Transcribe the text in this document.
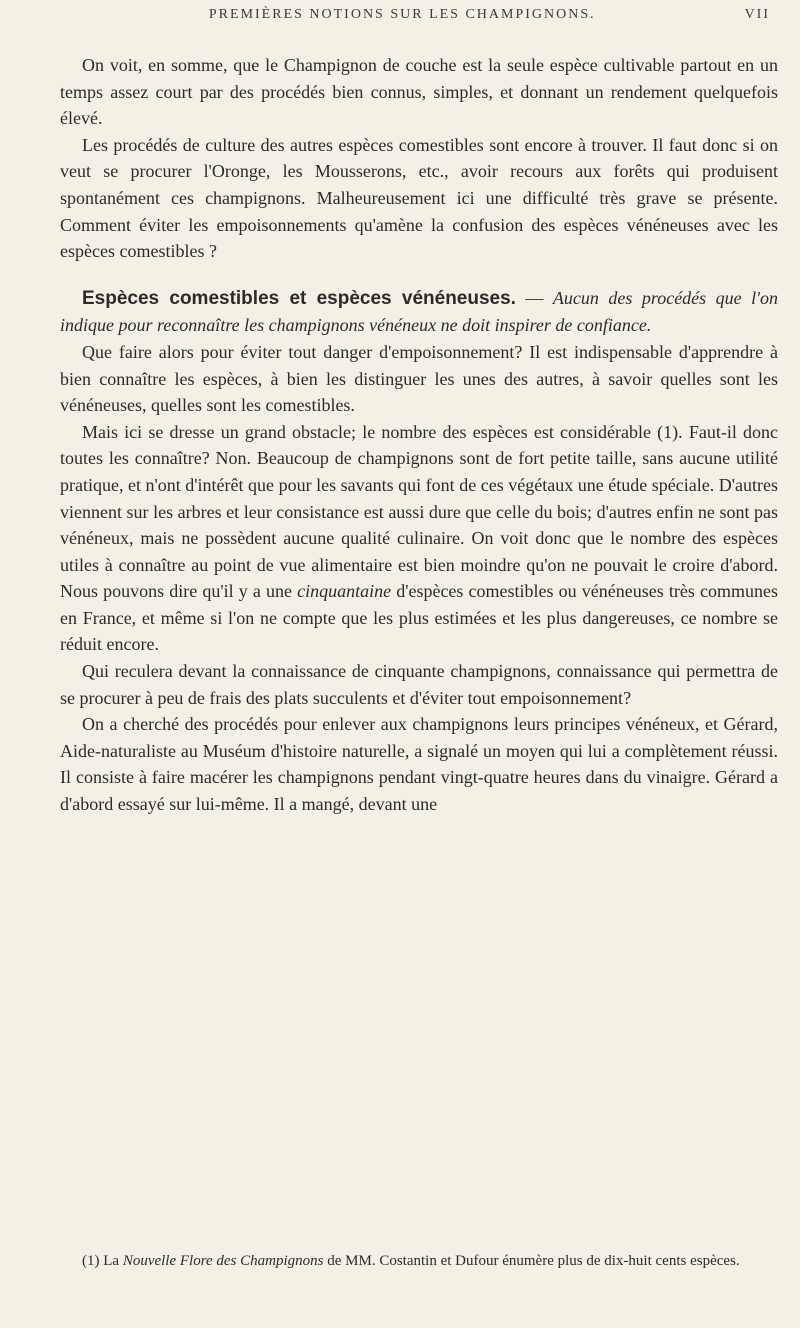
PREMIÈRES NOTIONS SUR LES CHAMPIGNONS.	VII

On voit, en somme, que le Champignon de couche est la seule espèce cultivable partout en un temps assez court par des procédés bien connus, simples, et donnant un rendement quelquefois élevé.

Les procédés de culture des autres espèces comestibles sont encore à trouver. Il faut donc si on veut se procurer l'Oronge, les Mousserons, etc., avoir recours aux forêts qui produisent spontanément ces champignons. Malheureusement ici une difficulté très grave se présente. Comment éviter les empoisonnements qu'amène la confusion des espèces vénéneuses avec les espèces comestibles ?

Espèces comestibles et espèces vénéneuses. — Aucun des procédés que l'on indique pour reconnaître les champignons vénéneux ne doit inspirer de confiance.

Que faire alors pour éviter tout danger d'empoisonnement? Il est indispensable d'apprendre à bien connaître les espèces, à bien les distinguer les unes des autres, à savoir quelles sont les vénéneuses, quelles sont les comestibles.

Mais ici se dresse un grand obstacle; le nombre des espèces est considérable (1). Faut-il donc toutes les connaître? Non. Beaucoup de champignons sont de fort petite taille, sans aucune utilité pratique, et n'ont d'intérêt que pour les savants qui font de ces végétaux une étude spéciale. D'autres viennent sur les arbres et leur consistance est aussi dure que celle du bois; d'autres enfin ne sont pas vénéneux, mais ne possèdent aucune qualité culinaire. On voit donc que le nombre des espèces utiles à connaître au point de vue alimentaire est bien moindre qu'on ne pouvait le croire d'abord. Nous pouvons dire qu'il y a une cinquantaine d'espèces comestibles ou vénéneuses très communes en France, et même si l'on ne compte que les plus estimées et les plus dangereuses, ce nombre se réduit encore.

Qui reculera devant la connaissance de cinquante champignons, connaissance qui permettra de se procurer à peu de frais des plats succulents et d'éviter tout empoisonnement?

On a cherché des procédés pour enlever aux champignons leurs principes vénéneux, et Gérard, Aide-naturaliste au Muséum d'histoire naturelle, a signalé un moyen qui lui a complètement réussi. Il consiste à faire macérer les champignons pendant vingt-quatre heures dans du vinaigre. Gérard a d'abord essayé sur lui-même. Il a mangé, devant une

(1) La Nouvelle Flore des Champignons de MM. Costantin et Dufour énumère plus de dix-huit cents espèces.
